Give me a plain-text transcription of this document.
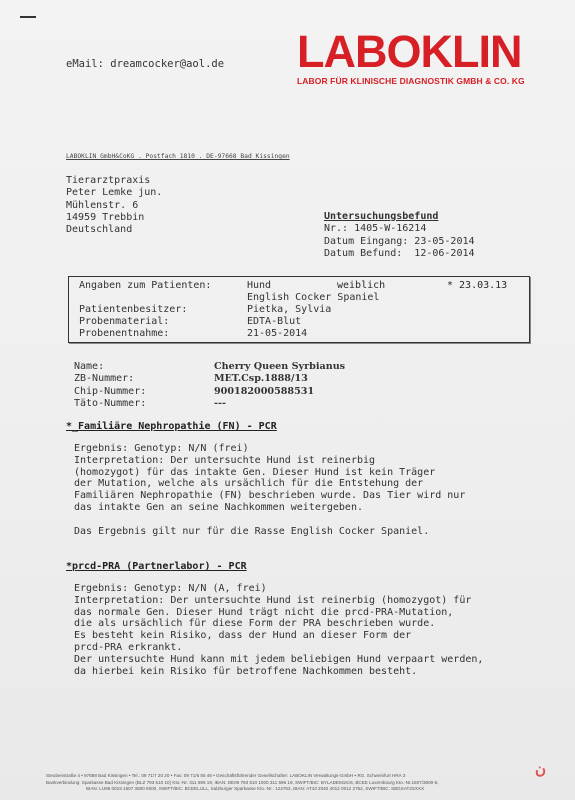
eMail: dreamcocker@aol.de LABOKLIN
LABOR FÜR KLINISCHE DIAGNOSTIK GMBH & CO. KG
LABOKLIN GmbH&CoKG . Postfach 1810 . DE-97668 Bad Kissingen
Tierarztpraxis
Peter Lemke jun.
Mühlenstr. 6
14959 Trebbin
Deutschland
Untersuchungsbefund
Nr.: 1405-W-16214
Datum Eingang: 23-05-2014
Datum Befund:  12-06-2014
Angaben zum Patienten:	Hund	weiblich	* 23.03.13
English Cocker Spaniel
Patientenbesitzer:	Pietka, Sylvia
Probenmaterial:	EDTA-Blut
Probenentnahme:	21-05-2014
Name:	Cherry Queen Syrbianus
ZB-Nummer:	MET.Csp.1888/13
Chip-Nummer:	900182000588531
Täto-Nummer:	---
*_Familiäre Nephropathie (FN) - PCR
Ergebnis: Genotyp: N/N (frei)
Interpretation: Der untersuchte Hund ist reinerbig
(homozygot) für das intakte Gen. Dieser Hund ist kein Träger
der Mutation, welche als ursächlich für die Entstehung der
Familiären Nephropathie (FN) beschrieben wurde. Das Tier wird nur
das intakte Gen an seine Nachkommen weitergeben.
Das Ergebnis gilt nur für die Rasse English Cocker Spaniel.
*prcd-PRA (Partnerlabor) - PCR
Ergebnis: Genotyp: N/N (A, frei)
Interpretation: Der untersuchte Hund ist reinerbig (homozygot) für
das normale Gen. Dieser Hund trägt nicht die prcd-PRA-Mutation,
die als ursächlich für diese Form der PRA beschrieben wurde.
Es besteht kein Risiko, dass der Hund an dieser Form der
prcd-PRA erkrankt.
Der untersuchte Hund kann mit jedem beliebigen Hund verpaart werden,
da hierbei kein Risiko für betroffene Nachkommen besteht.
Steubenstraße 4 • 97688 Bad Kissingen • Tel.: 09 71/7 20 20 • Fax: 09 71/6 85 46 • Geschäftsführender Gesellschafter: LABOKLIN Verwaltungs-GmbH • RG. Schweinfurt HRA 3
Bankverbindung: Sparkasse Bad Kissingen (BLZ 793 510 10) Kto.-Nr. 311 596 19, IBAN: DE09 793 510 1000 311 596 19, SWIFT/BIC: BYLADEM1KIS, BCEE Luxembourg Kto.-Nr.1507/3600-5,
IBAN: LU95 0019 1507 3600 6000, SWIFT/BIC: BCEELULL, Salzburger Sparkasse Kto.-Nr.: 122762, IBAN: AT43 2040 4012 0012 2762, SWIFT/BIC: SBGSAT2SXXX
ن
